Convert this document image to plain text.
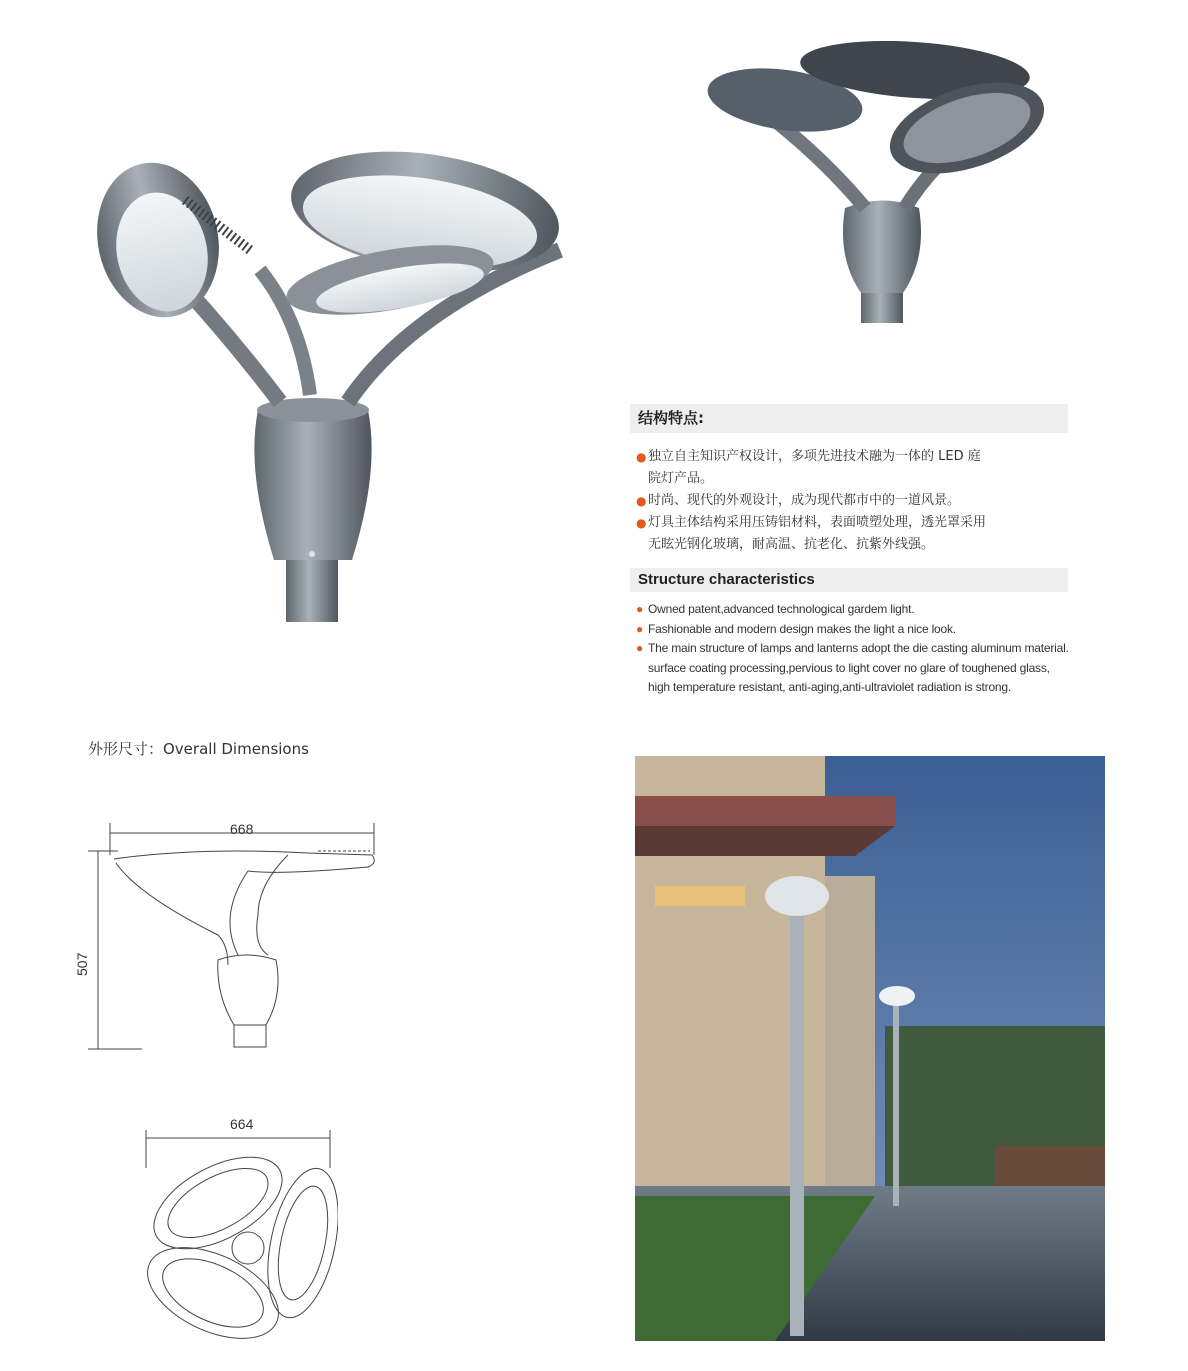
结构特点:
● 独立自主知识产权设计，多项先进技术融为一体的 LED 庭
院灯产品。
● 时尚、现代的外观设计，成为现代都市中的一道风景。
● 灯具主体结构采用压铸铝材料，表面喷塑处理，透光罩采用
无眩光钢化玻璃，耐高温、抗老化、抗紫外线强。
Structure characteristics
● Owned patent,advanced technological gardem light.
● Fashionable and modern design makes the light a nice look.
● The main structure of lamps and lanterns adopt the die casting aluminum material.
surface coating processing,pervious to light cover no glare of toughened glass,
high temperature resistant, anti-aging,anti-ultraviolet radiation is strong.
外形尺寸：Overall Dimensions
668
507
664
